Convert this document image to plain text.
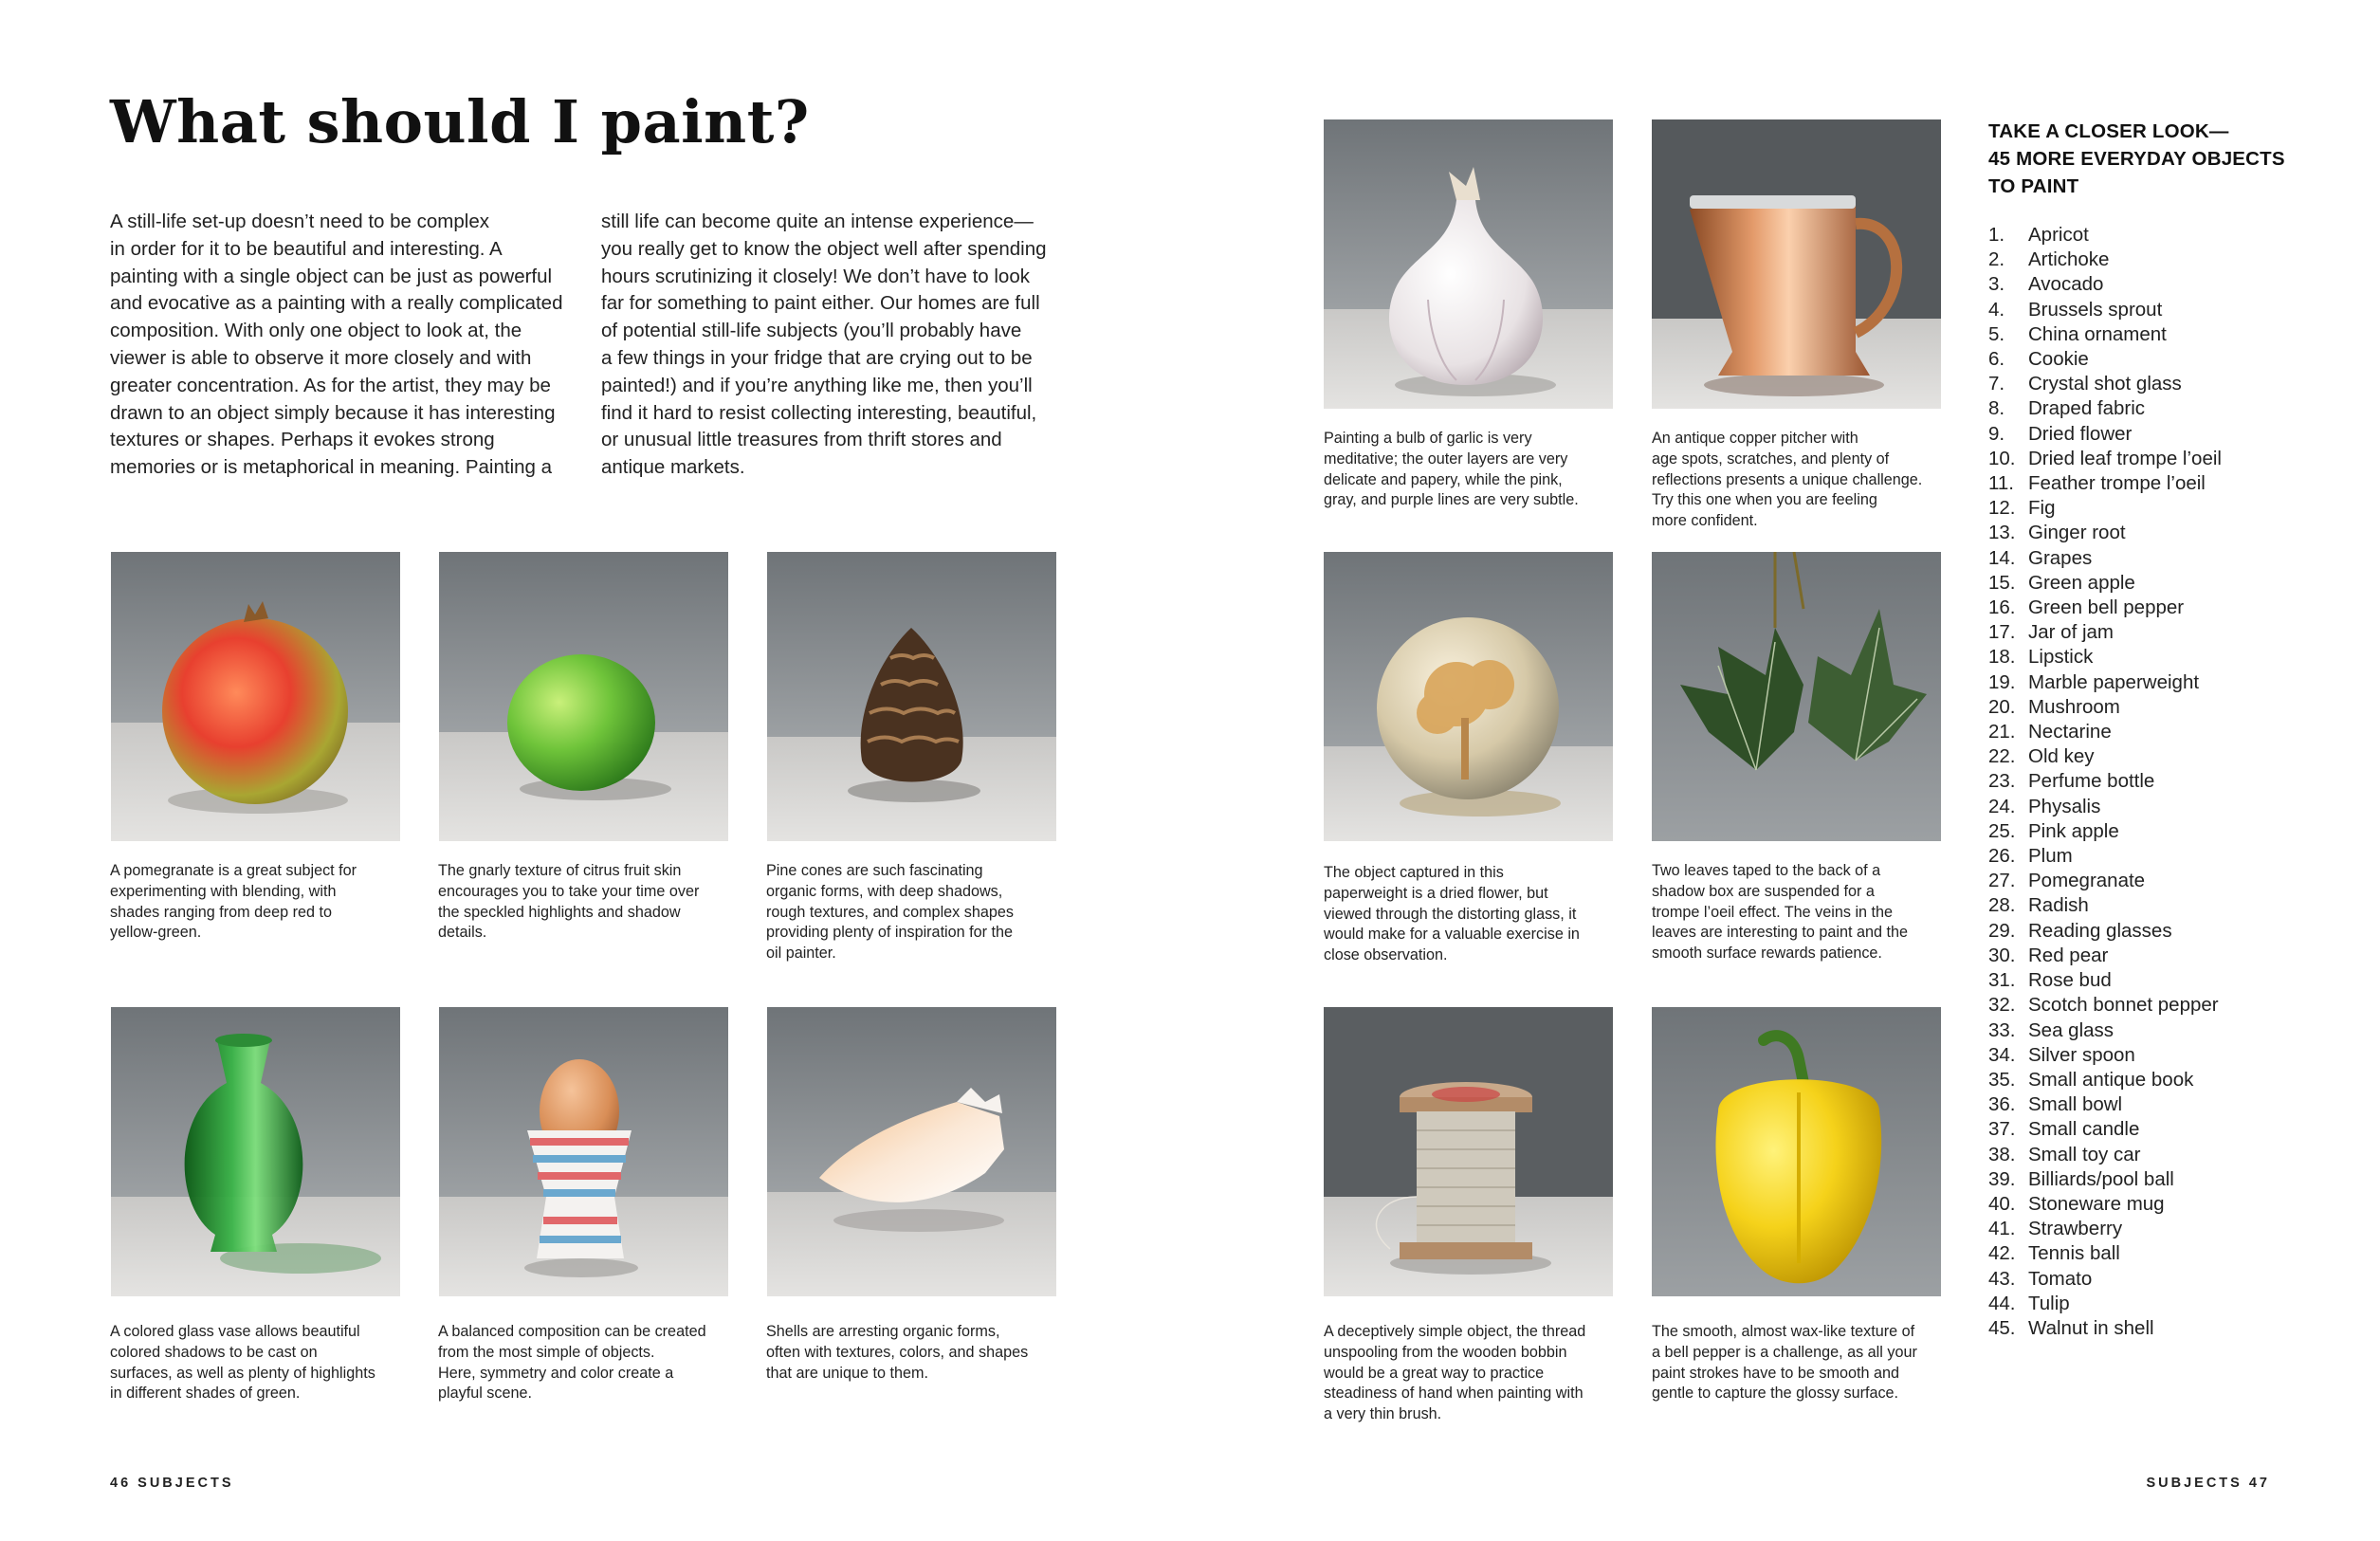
What should I paint?
A still-life set-up doesn’t need to be complex
in order for it to be beautiful and interesting. A
painting with a single object can be just as powerful
and evocative as a painting with a really complicated
composition. With only one object to look at, the
viewer is able to observe it more closely and with
greater concentration. As for the artist, they may be
drawn to an object simply because it has interesting
textures or shapes. Perhaps it evokes strong
memories or is metaphorical in meaning. Painting a
still life can become quite an intense experience—
you really get to know the object well after spending
hours scrutinizing it closely! We don’t have to look
far for something to paint either. Our homes are full
of potential still-life subjects (you’ll probably have
a few things in your fridge that are crying out to be
painted!) and if you’re anything like me, then you’ll
find it hard to resist collecting interesting, beautiful,
or unusual little treasures from thrift stores and
antique markets.
A pomegranate is a great subject for
experimenting with blending, with
shades ranging from deep red to
yellow-green.
The gnarly texture of citrus fruit skin
encourages you to take your time over
the speckled highlights and shadow
details.
Pine cones are such fascinating
organic forms, with deep shadows,
rough textures, and complex shapes
providing plenty of inspiration for the
oil painter.
A colored glass vase allows beautiful
colored shadows to be cast on
surfaces, as well as plenty of highlights
in different shades of green.
A balanced composition can be created
from the most simple of objects.
Here, symmetry and color create a
playful scene.
Shells are arresting organic forms,
often with textures, colors, and shapes
that are unique to them.
Painting a bulb of garlic is very
meditative; the outer layers are very
delicate and papery, while the pink,
gray, and purple lines are very subtle.
An antique copper pitcher with
age spots, scratches, and plenty of
reflections presents a unique challenge.
Try this one when you are feeling
more confident.
The object captured in this
paperweight is a dried flower, but
viewed through the distorting glass, it
would make for a valuable exercise in
close observation.
Two leaves taped to the back of a
shadow box are suspended for a
trompe l’oeil effect. The veins in the
leaves are interesting to paint and the
smooth surface rewards patience.
A deceptively simple object, the thread
unspooling from the wooden bobbin
would be a great way to practice
steadiness of hand when painting with
a very thin brush.
The smooth, almost wax-like texture of
a bell pepper is a challenge, as all your
paint strokes have to be smooth and
gentle to capture the glossy surface.
TAKE A CLOSER LOOK—
45 MORE EVERYDAY OBJECTS
TO PAINT
1.	Apricot
2.	Artichoke
3.	Avocado
4.	Brussels sprout
5.	China ornament
6.	Cookie
7.	Crystal shot glass
8.	Draped fabric
9.	Dried flower
10. Dried leaf trompe l’oeil
11. Feather trompe l’oeil
12. Fig
13. Ginger root
14. Grapes
15. Green apple
16. Green bell pepper
17. Jar of jam
18. Lipstick
19. Marble paperweight
20. Mushroom
21. Nectarine
22. Old key
23. Perfume bottle
24. Physalis
25. Pink apple
26. Plum
27. Pomegranate
28. Radish
29. Reading glasses
30. Red pear
31. Rose bud
32. Scotch bonnet pepper
33. Sea glass
34. Silver spoon
35. Small antique book
36. Small bowl
37. Small candle
38. Small toy car
39. Billiards/pool ball
40. Stoneware mug
41. Strawberry
42. Tennis ball
43. Tomato
44. Tulip
45. Walnut in shell
46 SUBJECTS	SUBJECTS 47
